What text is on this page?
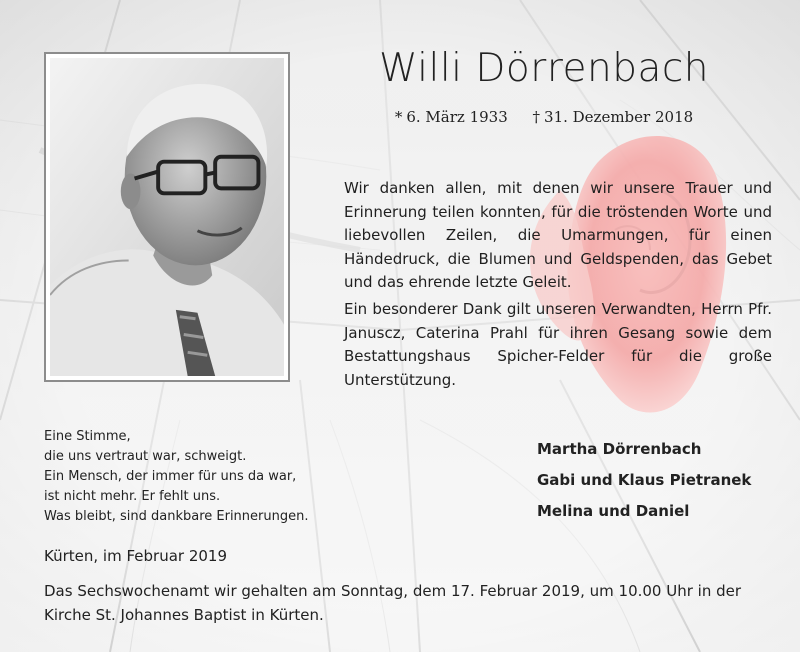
Willi Dörrenbach
* 6. März 1933 † 31. Dezember 2018
Wir danken allen, mit denen wir unsere Trauer und Erinnerung teilen konnten, für die tröstenden Worte und liebevollen Zeilen, die Umarmungen, für einen Händedruck, die Blumen und Geldspenden, das Gebet und das ehrende letzte Geleit.
Ein besonderer Dank gilt unseren Verwandten, Herrn Pfr. Januscz, Caterina Prahl für ihren Gesang sowie dem Bestattungshaus Spicher-Felder für die große Unterstützung.
Eine Stimme,
die uns vertraut war, schweigt.
Ein Mensch, der immer für uns da war,
ist nicht mehr. Er fehlt uns.
Was bleibt, sind dankbare Erinnerungen.
Martha Dörrenbach
Gabi und Klaus Pietranek
Melina und Daniel
Kürten, im Februar 2019
Das Sechswochenamt wir gehalten am Sonntag, dem 17. Februar 2019, um 10.00 Uhr in der
Kirche St. Johannes Baptist in Kürten.
